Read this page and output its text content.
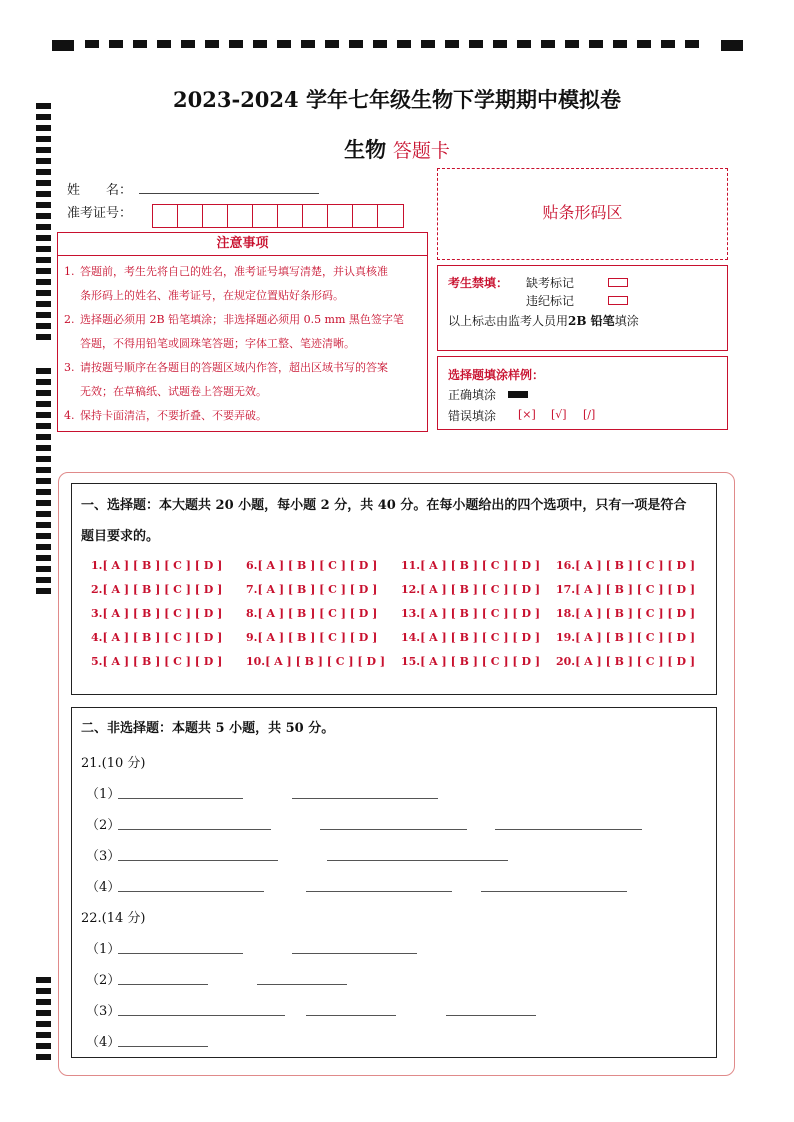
2023-2024 学年七年级生物下学期期中模拟卷
生物 答题卡
姓　　名：
准考证号：
注意事项
1. 答题前，考生先将自己的姓名，准考证号填写清楚，并认真核准
条形码上的姓名、准考证号，在规定位置贴好条形码。
2. 选择题必须用 2B 铅笔填涂；非选择题必须用 0.5 mm 黑色签字笔
答题，不得用铅笔或圆珠笔答题；字体工整、笔迹清晰。
3. 请按题号顺序在各题目的答题区域内作答，超出区域书写的答案
无效；在草稿纸、试题卷上答题无效。
4. 保持卡面清洁，不要折叠、不要弄破。
贴条形码区
考生禁填： 缺考标记
违纪标记
以上标志由监考人员用2B 铅笔填涂
选择题填涂样例：
正确填涂
错误填涂 [×] [√] [/]
一、选择题：本大题共 20 小题，每小题 2 分，共 40 分。在每小题给出的四个选项中，只有一项是符合
题目要求的。
1.[ A ] [ B ] [ C ] [ D ]
2.[ A ] [ B ] [ C ] [ D ]
3.[ A ] [ B ] [ C ] [ D ]
4.[ A ] [ B ] [ C ] [ D ]
5.[ A ] [ B ] [ C ] [ D ]
6.[ A ] [ B ] [ C ] [ D ]
7.[ A ] [ B ] [ C ] [ D ]
8.[ A ] [ B ] [ C ] [ D ]
9.[ A ] [ B ] [ C ] [ D ]
10.[ A ] [ B ] [ C ] [ D ]
11.[ A ] [ B ] [ C ] [ D ]
12.[ A ] [ B ] [ C ] [ D ]
13.[ A ] [ B ] [ C ] [ D ]
14.[ A ] [ B ] [ C ] [ D ]
15.[ A ] [ B ] [ C ] [ D ]
16.[ A ] [ B ] [ C ] [ D ]
17.[ A ] [ B ] [ C ] [ D ]
18.[ A ] [ B ] [ C ] [ D ]
19.[ A ] [ B ] [ C ] [ D ]
20.[ A ] [ B ] [ C ] [ D ]
二、非选择题：本题共 5 小题，共 50 分。
21.(10 分)
（1）
（2）
（3）
（4）
22.(14 分)
（1）
（2）
（3）
（4）
